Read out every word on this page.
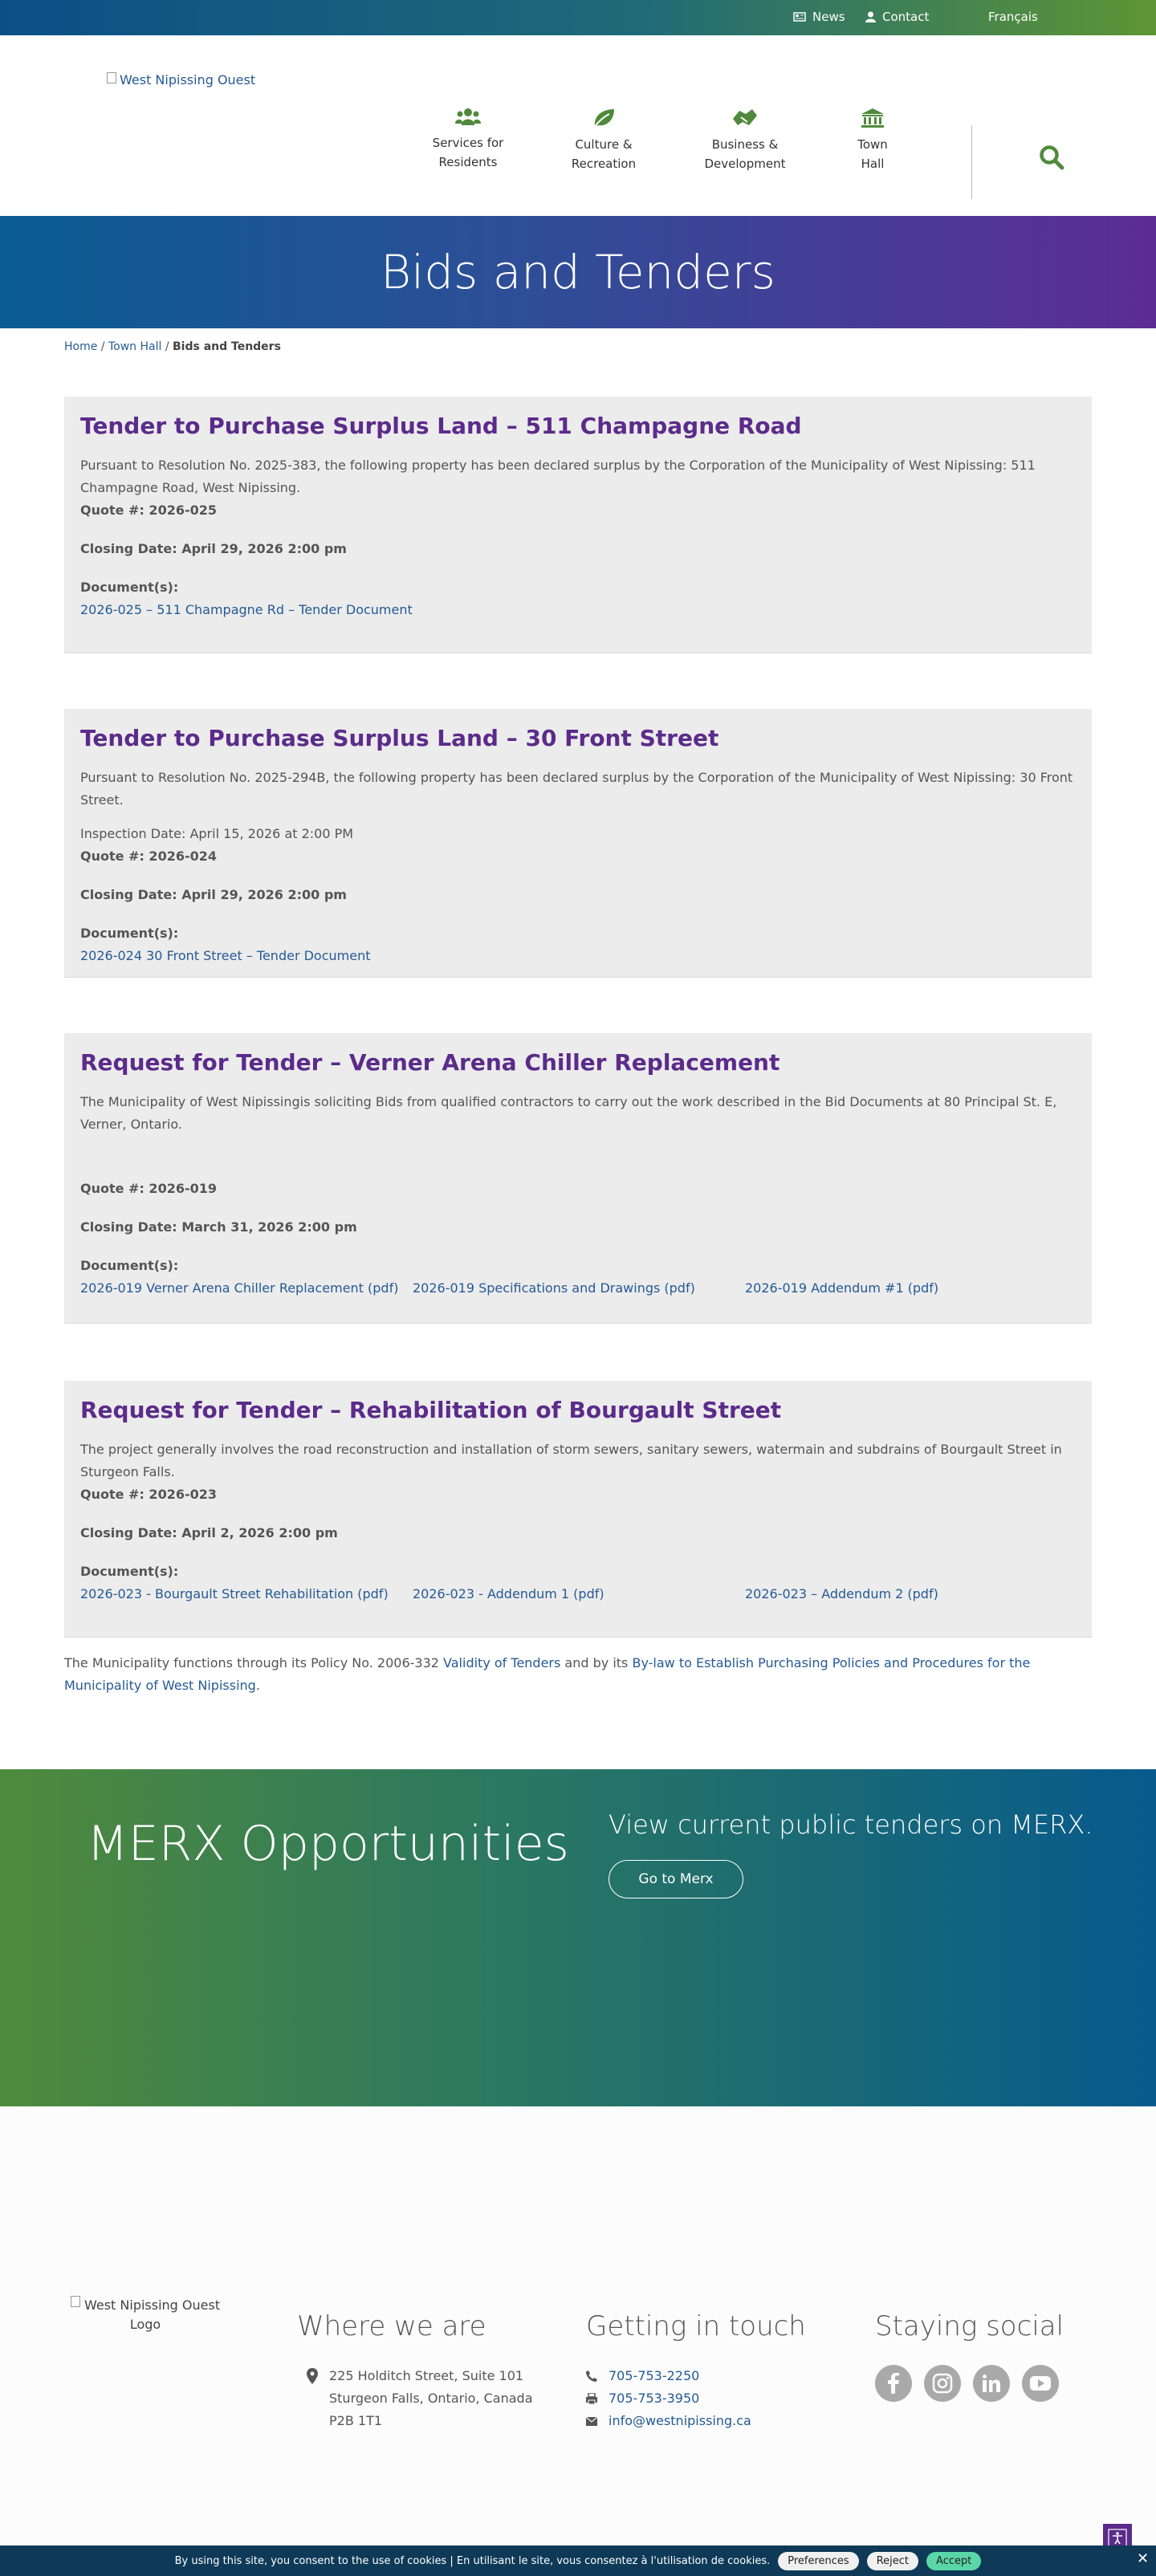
News	Contact	Français
West Nipissing Ouest
Services for
Residents
Culture &
Recreation
Business &
Development
Town
Hall
Bids and Tenders
Home / Town Hall / Bids and Tenders
Tender to Purchase Surplus Land – 511 Champagne Road

Pursuant to Resolution No. 2025-383, the following property has been declared surplus by the Corporation of the Municipality of West Nipissing: 511 Champagne Road, West Nipissing.

Quote #: 2026-025

Closing Date: April 29, 2026 2:00 pm

Document(s):

2026-025 – 511 Champagne Rd – Tender Document
Tender to Purchase Surplus Land – 30 Front Street

Pursuant to Resolution No. 2025-294B, the following property has been declared surplus by the Corporation of the Municipality of West Nipissing: 30 Front Street.

Inspection Date: April 15, 2026 at 2:00 PM

Quote #: 2026-024

Closing Date: April 29, 2026 2:00 pm

Document(s):

2026-024 30 Front Street – Tender Document
Request for Tender – Verner Arena Chiller Replacement

The Municipality of West Nipissingis soliciting Bids from qualified contractors to carry out the work described in the Bid Documents at 80 Principal St. E, Verner, Ontario.

Quote #: 2026-019

Closing Date: March 31, 2026 2:00 pm

Document(s):

2026-019 Verner Arena Chiller Replacement (pdf)	2026-019 Specifications and Drawings (pdf)	2026-019 Addendum #1 (pdf)
Request for Tender – Rehabilitation of Bourgault Street

The project generally involves the road reconstruction and installation of storm sewers, sanitary sewers, watermain and subdrains of Bourgault Street in Sturgeon Falls.

Quote #: 2026-023

Closing Date: April 2, 2026 2:00 pm

Document(s):

2026-023 - Bourgault Street Rehabilitation (pdf)	2026-023 - Addendum 1 (pdf)	2026-023 – Addendum 2 (pdf)

The Municipality functions through its Policy No. 2006-332 Validity of Tenders and by its By-law to Establish Purchasing Policies and Procedures for the Municipality of West Nipissing.

MERX Opportunities View current public tenders on MERX.
Go to Merx
West Nipissing Ouest Logo	Where we are
225 Holditch Street, Suite 101
Sturgeon Falls, Ontario, Canada
P2B 1T1
Getting in touch
705-753-2250
705-753-3950
info@westnipissing.ca
Staying social
By using this site, you consent to the use of cookies | En utilisant le site, vous consentez à l'utilisation de cookies.	Preferences	Reject	Accept	✕
